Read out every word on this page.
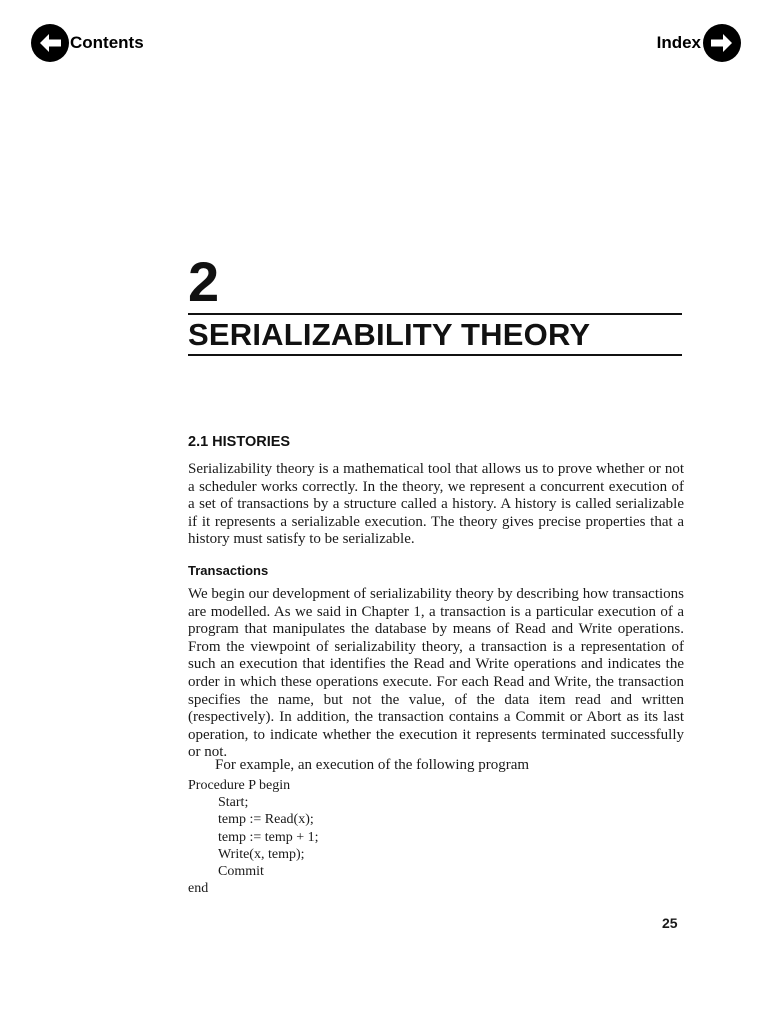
Contents	Index
2
SERIALIZABILITY THEORY
2.1 HISTORIES

Serializability theory is a mathematical tool that allows us to prove whether or not a scheduler works correctly. In the theory, we represent a concurrent execution of a set of transactions by a structure called a history. A history is called serializable if it represents a serializable execution. The theory gives precise properties that a history must satisfy to be serializable.

Transactions

We begin our development of serializability theory by describing how transactions are modelled. As we said in Chapter 1, a transaction is a particular execution of a program that manipulates the database by means of Read and Write operations. From the viewpoint of serializability theory, a transaction is a representation of such an execution that identifies the Read and Write operations and indicates the order in which these operations execute. For each Read and Write, the transaction specifies the name, but not the value, of the data item read and written (respectively). In addition, the transaction contains a Commit or Abort as its last operation, to indicate whether the execution it represents terminated successfully or not.

For example, an execution of the following program

Procedure P begin
Start;
temp := Read(x);
temp := temp + 1;
Write(x, temp);
Commit
end
25
